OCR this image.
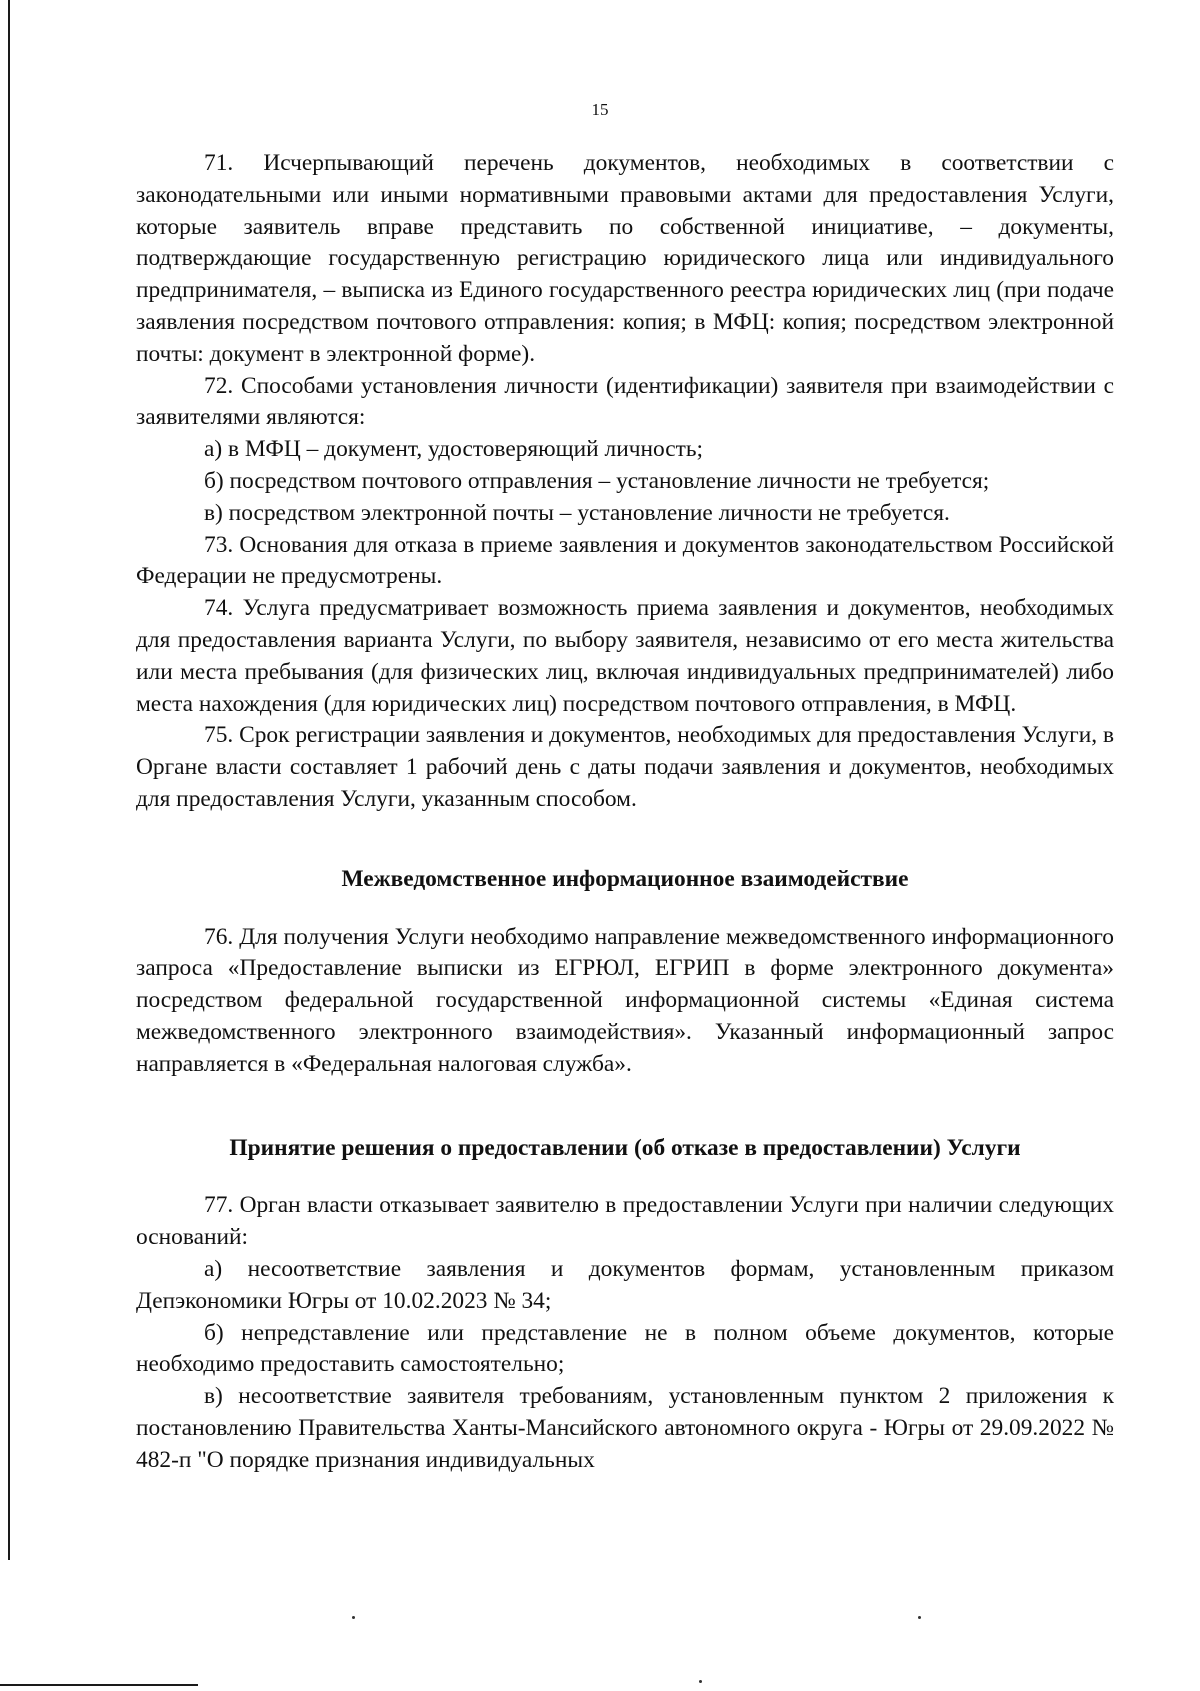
15

71. Исчерпывающий перечень документов, необходимых в соответствии с законодательными или иными нормативными правовыми актами для предоставления Услуги, которые заявитель вправе представить по собственной инициативе, – документы, подтверждающие государственную регистрацию юридического лица или индивидуального предпринимателя, – выписка из Единого государственного реестра юридических лиц (при подаче заявления посредством почтового отправления: копия; в МФЦ: копия; посредством электронной почты: документ в электронной форме).

72. Способами установления личности (идентификации) заявителя при взаимодействии с заявителями являются:

а) в МФЦ – документ, удостоверяющий личность;

б) посредством почтового отправления – установление личности не требуется;

в) посредством электронной почты – установление личности не требуется.

73. Основания для отказа в приеме заявления и документов законодательством Российской Федерации не предусмотрены.

74. Услуга предусматривает возможность приема заявления и документов, необходимых для предоставления варианта Услуги, по выбору заявителя, независимо от его места жительства или места пребывания (для физических лиц, включая индивидуальных предпринимателей) либо места нахождения (для юридических лиц) посредством почтового отправления, в МФЦ.

75. Срок регистрации заявления и документов, необходимых для предоставления Услуги, в Органе власти составляет 1 рабочий день с даты подачи заявления и документов, необходимых для предоставления Услуги, указанным способом.

Межведомственное информационное взаимодействие

76. Для получения Услуги необходимо направление межведомственного информационного запроса «Предоставление выписки из ЕГРЮЛ, ЕГРИП в форме электронного документа» посредством федеральной государственной информационной системы «Единая система межведомственного электронного взаимодействия». Указанный информационный запрос направляется в «Федеральная налоговая служба».

Принятие решения о предоставлении (об отказе в предоставлении) Услуги

77. Орган власти отказывает заявителю в предоставлении Услуги при наличии следующих оснований:

а) несоответствие заявления и документов формам, установленным приказом Депэкономики Югры от 10.02.2023 № 34;

б) непредставление или представление не в полном объеме документов, которые необходимо предоставить самостоятельно;

в) несоответствие заявителя требованиям, установленным пунктом 2 приложения к постановлению Правительства Ханты-Мансийского автономного округа - Югры от 29.09.2022 № 482-п "О порядке признания индивидуальных
